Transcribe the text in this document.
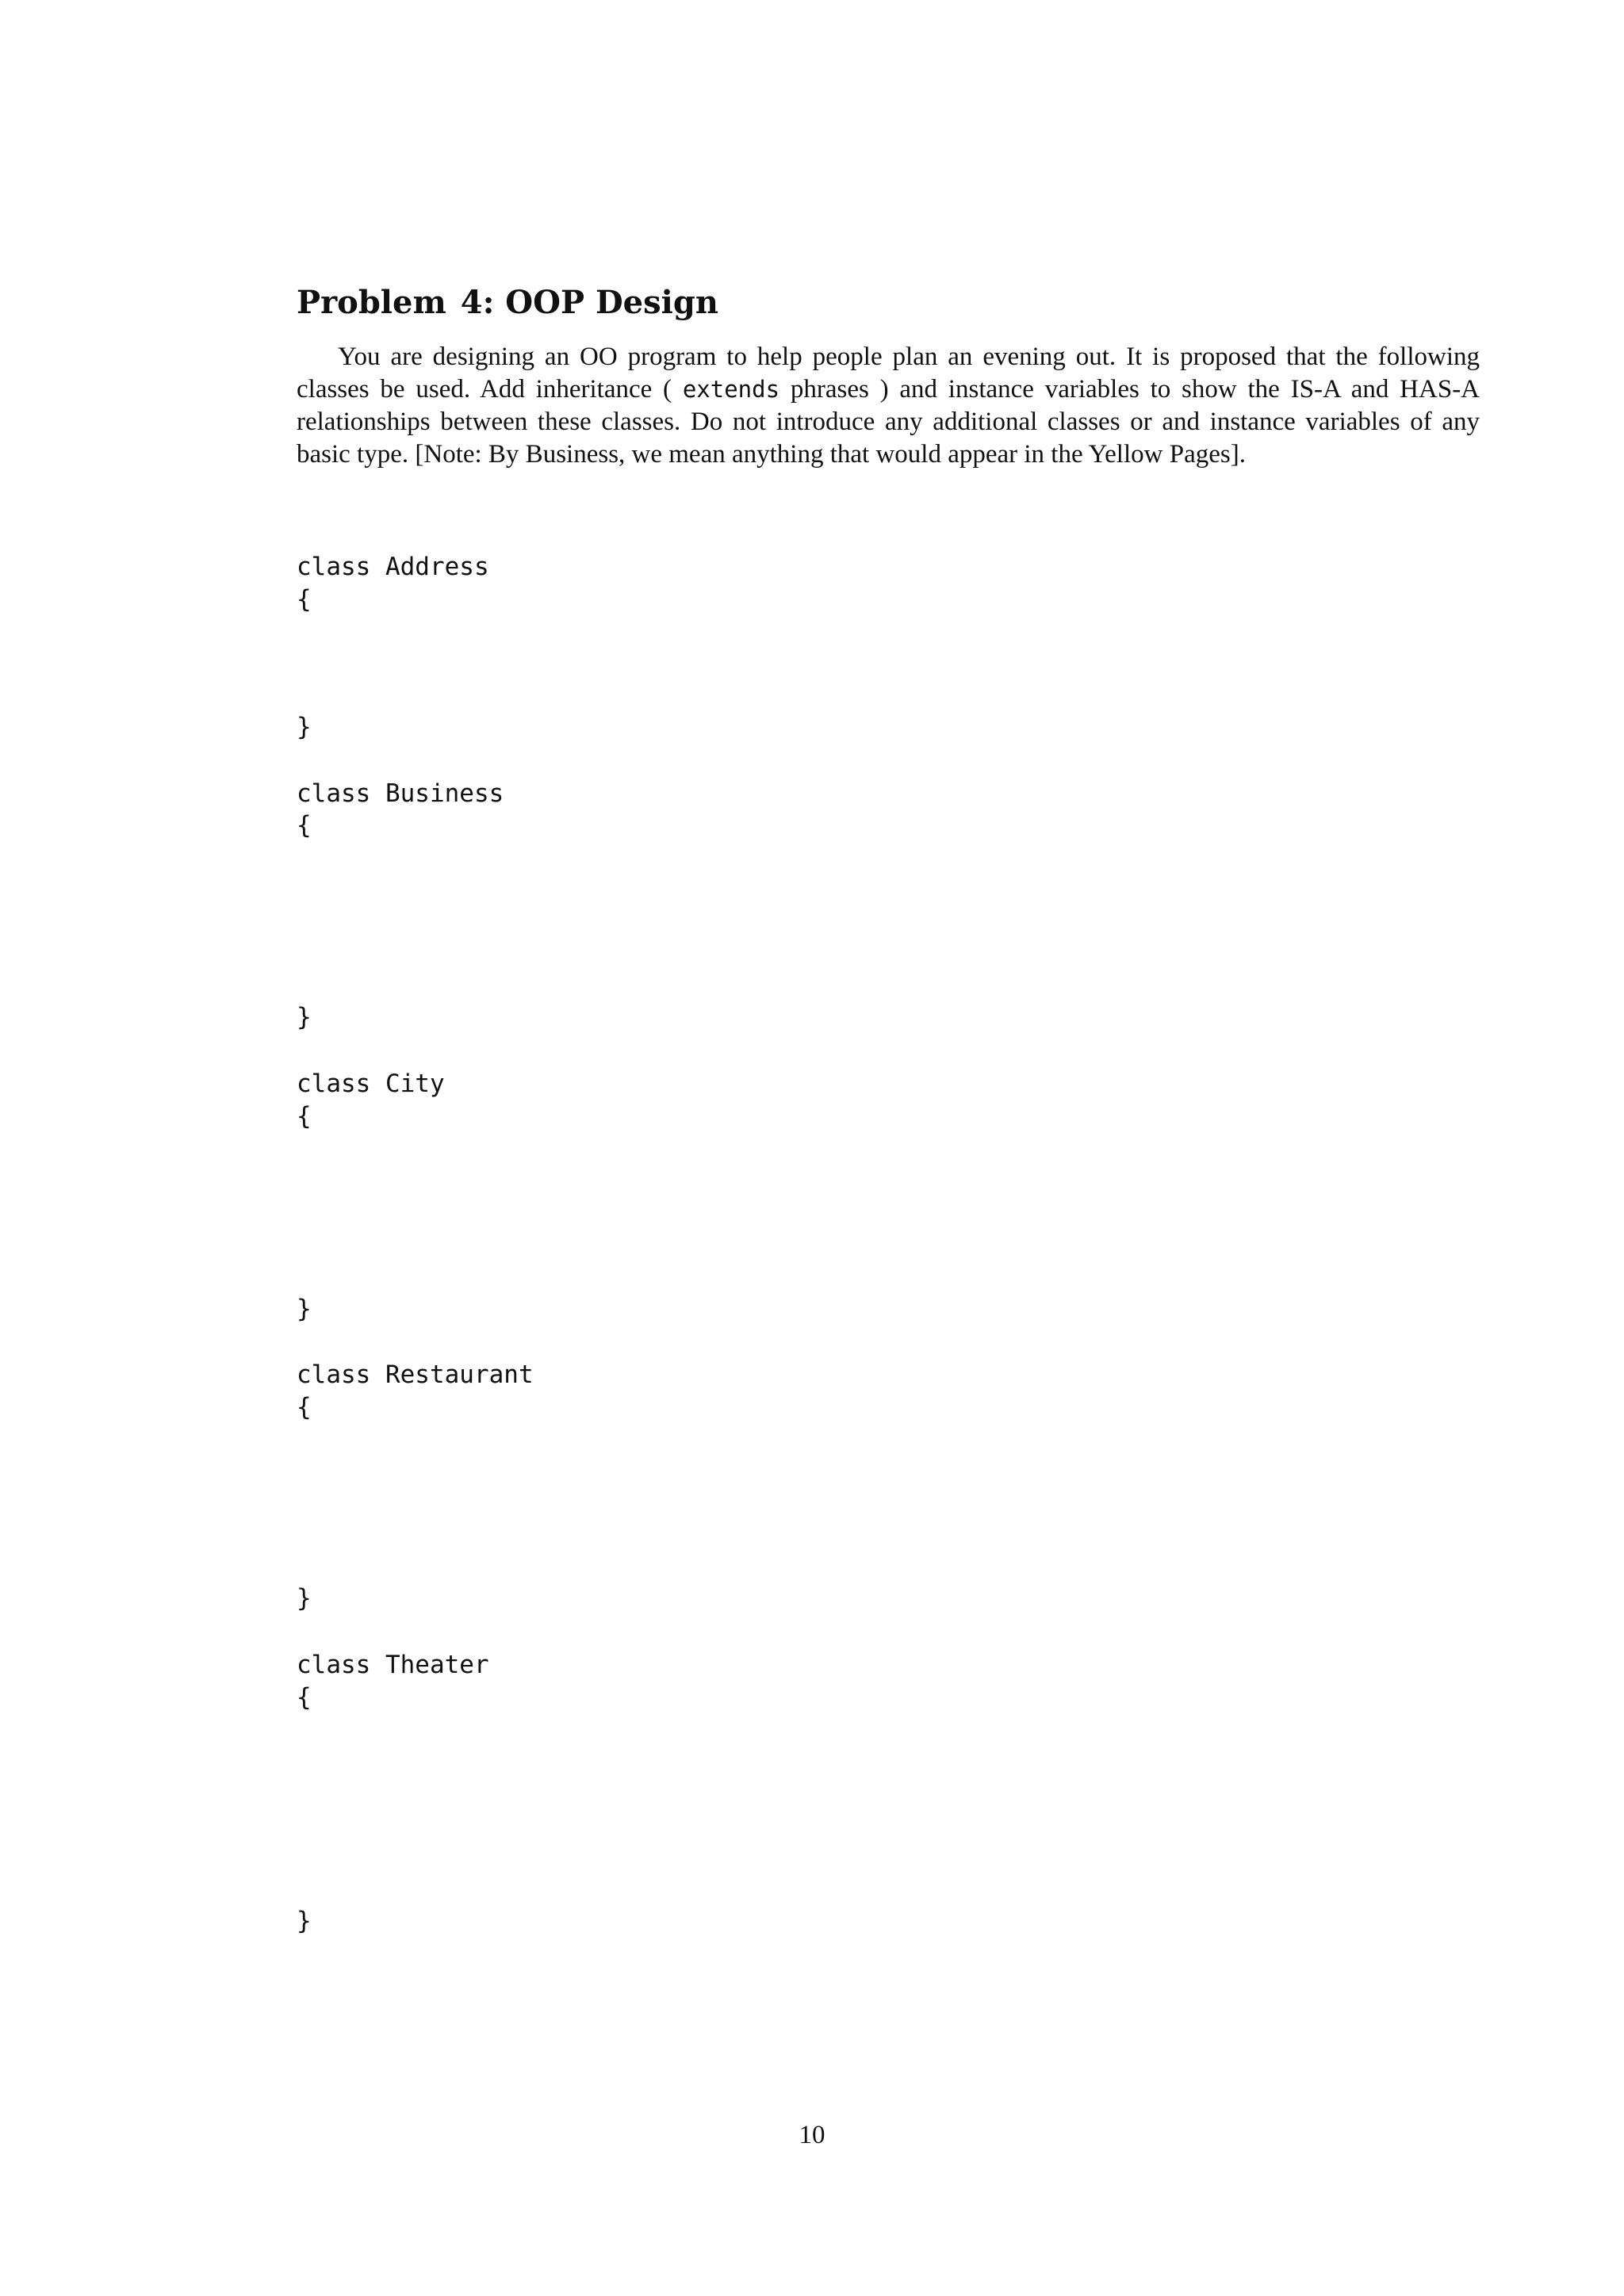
Problem 4: OOP Design

You are designing an OO program to help people plan an evening out. It is proposed that the following classes be used. Add inheritance ( extends phrases ) and instance variables to show the IS-A and HAS-A relationships between these classes. Do not introduce any additional classes or and instance variables of any basic type. [Note: By Business, we mean anything that would appear in the Yellow Pages].

class Address
{
}
class Business
{
}
class City
{
}
class Restaurant
{
}
class Theater
{
}
10
